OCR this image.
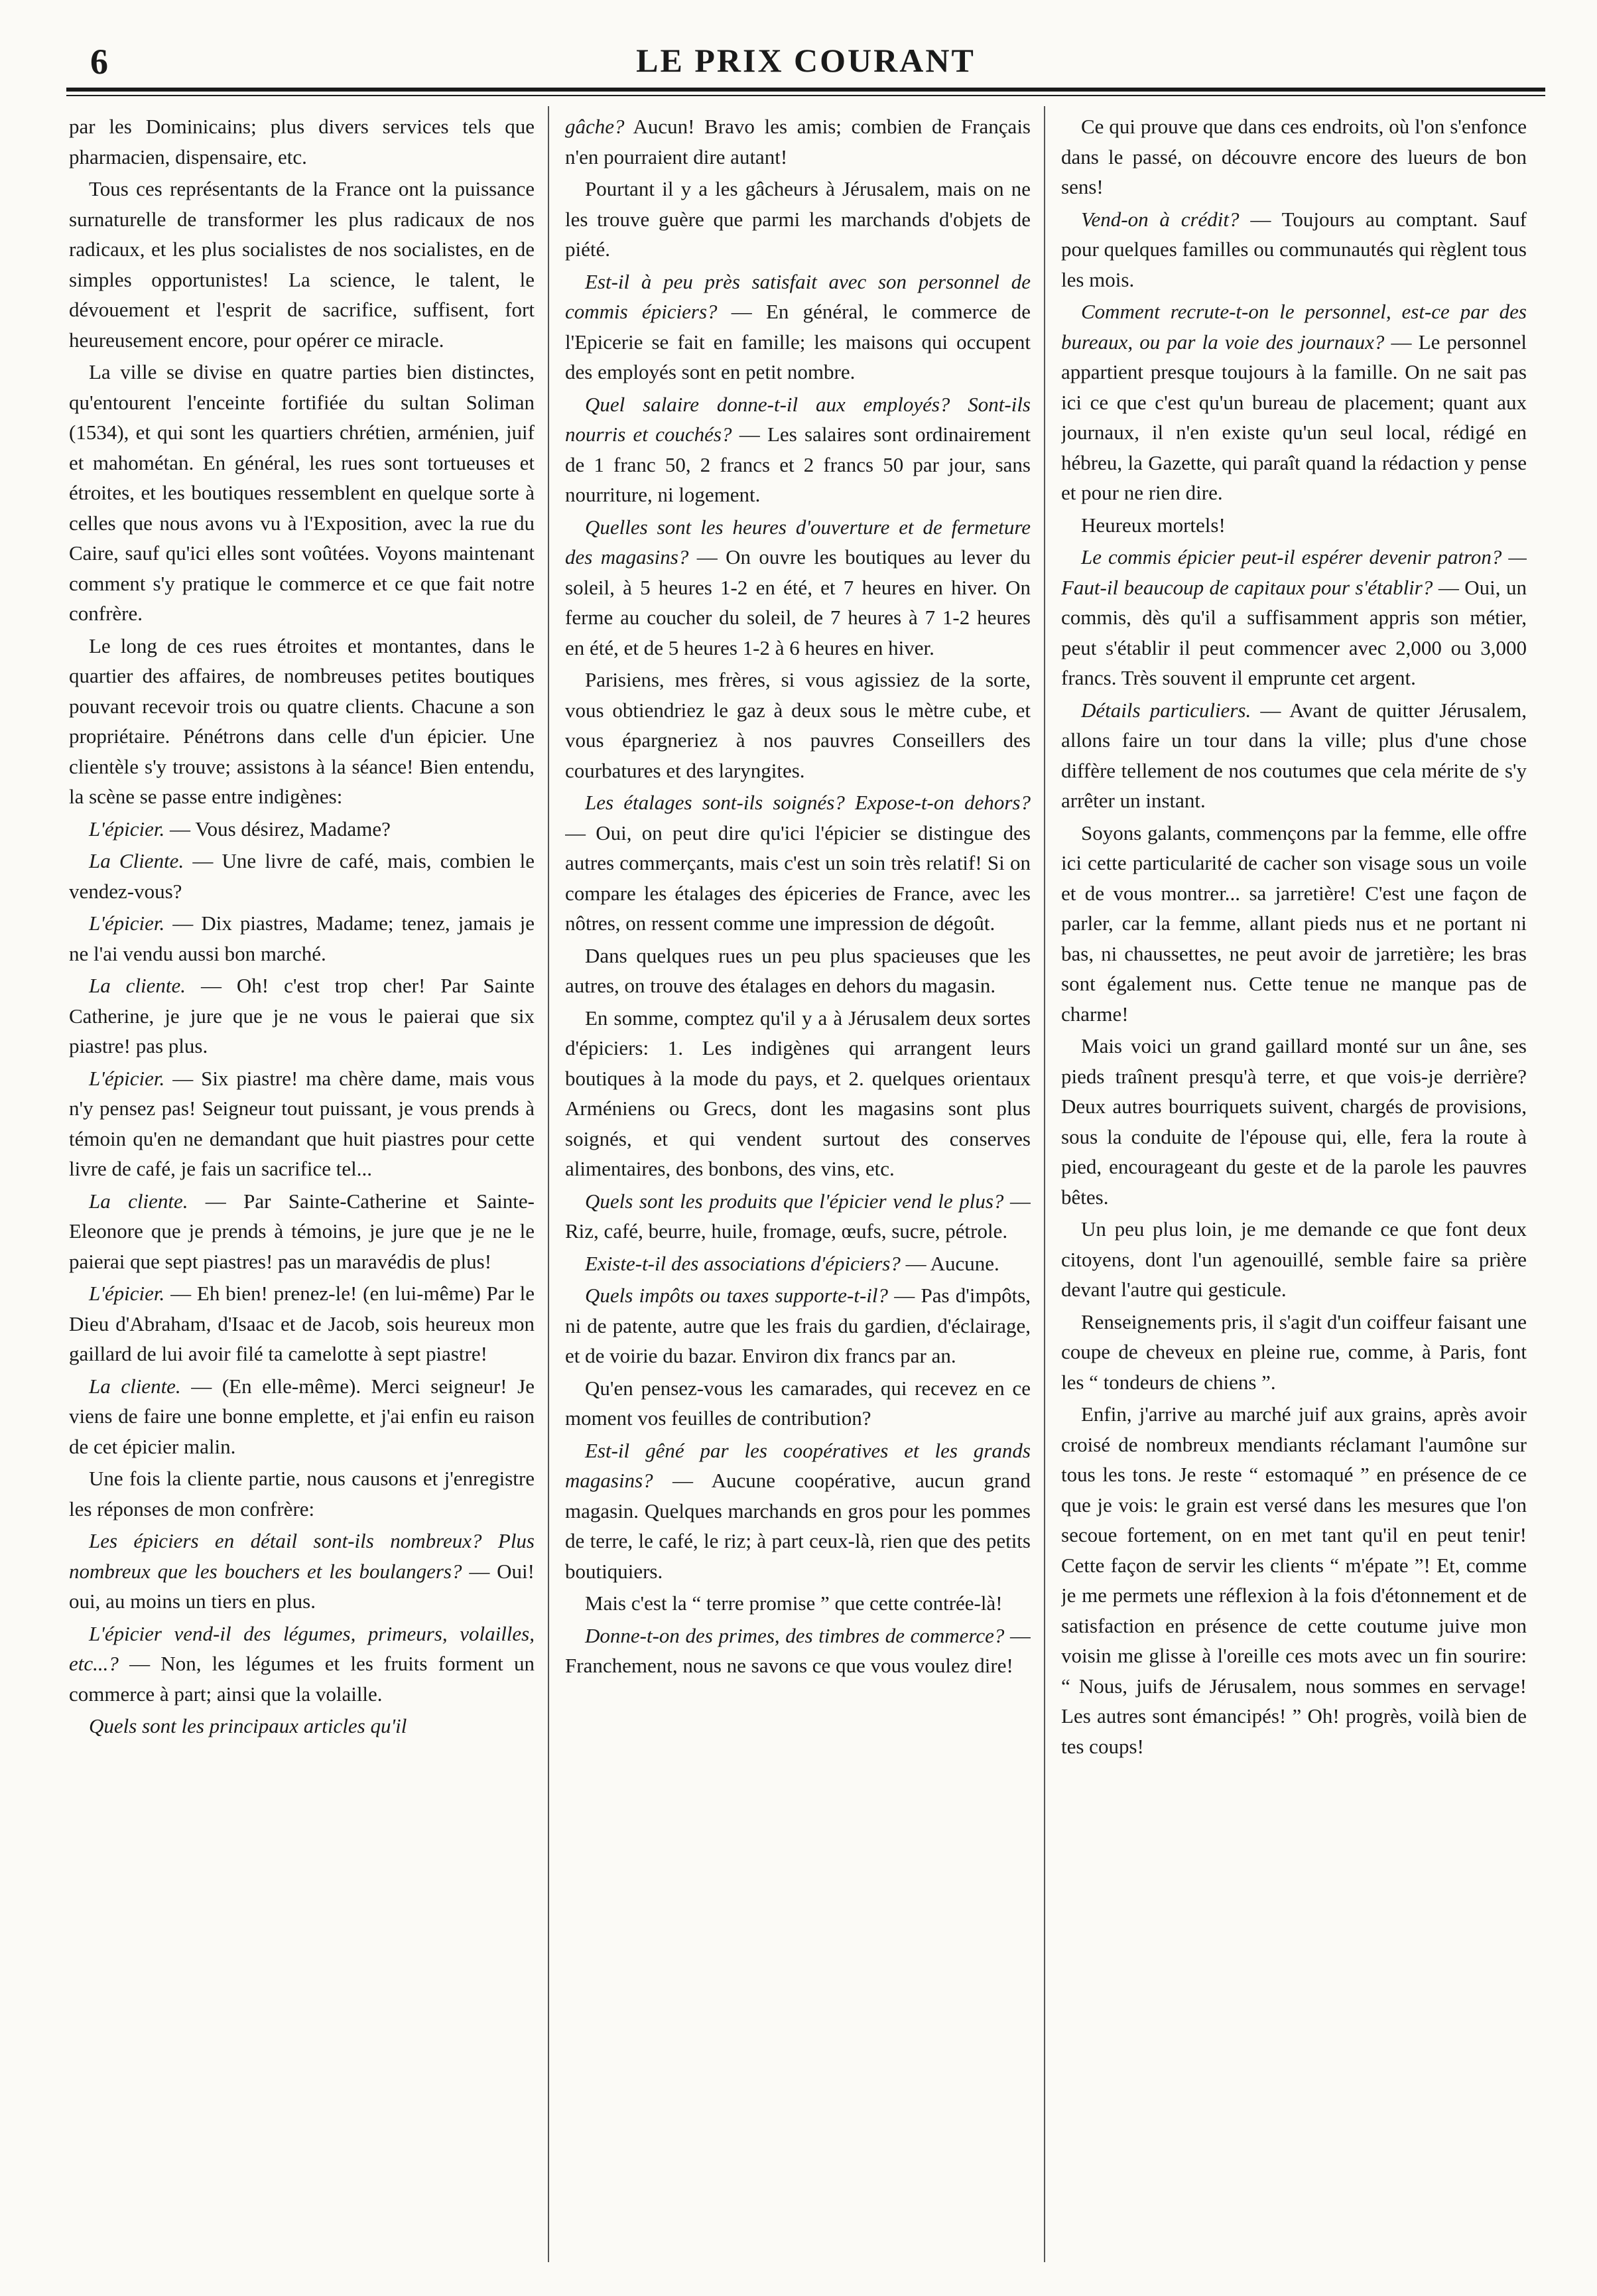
6	LE PRIX COURANT

par les Dominicains; plus divers services tels que pharmacien, dispensaire, etc.

Tous ces représentants de la France ont la puissance surnaturelle de transformer les plus radicaux de nos radicaux, et les plus socialistes de nos socialistes, en de simples opportunistes! La science, le talent, le dévouement et l'esprit de sacrifice, suffisent, fort heureusement encore, pour opérer ce miracle.

La ville se divise en quatre parties bien distinctes, qu'entourent l'enceinte fortifiée du sultan Soliman (1534), et qui sont les quartiers chrétien, arménien, juif et mahométan. En général, les rues sont tortueuses et étroites, et les boutiques ressemblent en quelque sorte à celles que nous avons vu à l'Exposition, avec la rue du Caire, sauf qu'ici elles sont voûtées. Voyons maintenant comment s'y pratique le commerce et ce que fait notre confrère.

Le long de ces rues étroites et montantes, dans le quartier des affaires, de nombreuses petites boutiques pouvant recevoir trois ou quatre clients. Chacune a son propriétaire. Pénétrons dans celle d'un épicier. Une clientèle s'y trouve; assistons à la séance! Bien entendu, la scène se passe entre indigènes:

L'épicier. — Vous désirez, Madame?

La Cliente. — Une livre de café, mais, combien le vendez-vous?

L'épicier. — Dix piastres, Madame; tenez, jamais je ne l'ai vendu aussi bon marché.

La cliente. — Oh! c'est trop cher! Par Sainte Catherine, je jure que je ne vous le paierai que six piastre! pas plus.

L'épicier. — Six piastre! ma chère dame, mais vous n'y pensez pas! Seigneur tout puissant, je vous prends à témoin qu'en ne demandant que huit piastres pour cette livre de café, je fais un sacrifice tel...

La cliente. — Par Sainte-Catherine et Sainte-Eleonore que je prends à témoins, je jure que je ne le paierai que sept piastres! pas un maravédis de plus!

L'épicier. — Eh bien! prenez-le! (en lui-même) Par le Dieu d'Abraham, d'Isaac et de Jacob, sois heureux mon gaillard de lui avoir filé ta camelotte à sept piastre!

La cliente. — (En elle-même). Merci seigneur! Je viens de faire une bonne emplette, et j'ai enfin eu raison de cet épicier malin.

Une fois la cliente partie, nous causons et j'enregistre les réponses de mon confrère:

Les épiciers en détail sont-ils nombreux? Plus nombreux que les bouchers et les boulangers? — Oui! oui, au moins un tiers en plus.

L'épicier vend-il des légumes, primeurs, volailles, etc...? — Non, les légumes et les fruits forment un commerce à part; ainsi que la volaille.

Quels sont les principaux articles qu'il

gâche? Aucun! Bravo les amis; combien de Français n'en pourraient dire autant!

Pourtant il y a les gâcheurs à Jérusalem, mais on ne les trouve guère que parmi les marchands d'objets de piété.

Est-il à peu près satisfait avec son personnel de commis épiciers? — En général, le commerce de l'Epicerie se fait en famille; les maisons qui occupent des employés sont en petit nombre.

Quel salaire donne-t-il aux employés? Sont-ils nourris et couchés? — Les salaires sont ordinairement de 1 franc 50, 2 francs et 2 francs 50 par jour, sans nourriture, ni logement.

Quelles sont les heures d'ouverture et de fermeture des magasins? — On ouvre les boutiques au lever du soleil, à 5 heures 1-2 en été, et 7 heures en hiver. On ferme au coucher du soleil, de 7 heures à 7 1-2 heures en été, et de 5 heures 1-2 à 6 heures en hiver.

Parisiens, mes frères, si vous agissiez de la sorte, vous obtiendriez le gaz à deux sous le mètre cube, et vous épargneriez à nos pauvres Conseillers des courbatures et des laryngites.

Les étalages sont-ils soignés? Expose-t-on dehors? — Oui, on peut dire qu'ici l'épicier se distingue des autres commerçants, mais c'est un soin très relatif! Si on compare les étalages des épiceries de France, avec les nôtres, on ressent comme une impression de dégoût.

Dans quelques rues un peu plus spacieuses que les autres, on trouve des étalages en dehors du magasin.

En somme, comptez qu'il y a à Jérusalem deux sortes d'épiciers: 1. Les indigènes qui arrangent leurs boutiques à la mode du pays, et 2. quelques orientaux Arméniens ou Grecs, dont les magasins sont plus soignés, et qui vendent surtout des conserves alimentaires, des bonbons, des vins, etc.

Quels sont les produits que l'épicier vend le plus? — Riz, café, beurre, huile, fromage, œufs, sucre, pétrole.

Existe-t-il des associations d'épiciers? — Aucune.

Quels impôts ou taxes supporte-t-il? — Pas d'impôts, ni de patente, autre que les frais du gardien, d'éclairage, et de voirie du bazar. Environ dix francs par an.

Qu'en pensez-vous les camarades, qui recevez en ce moment vos feuilles de contribution?

Est-il gêné par les coopératives et les grands magasins? — Aucune coopérative, aucun grand magasin. Quelques marchands en gros pour les pommes de terre, le café, le riz; à part ceux-là, rien que des petits boutiquiers.

Mais c'est la “ terre promise ” que cette contrée-là!

Donne-t-on des primes, des timbres de commerce? — Franchement, nous ne savons ce que vous voulez dire!

Ce qui prouve que dans ces endroits, où l'on s'enfonce dans le passé, on découvre encore des lueurs de bon sens!

Vend-on à crédit? — Toujours au comptant. Sauf pour quelques familles ou communautés qui règlent tous les mois.

Comment recrute-t-on le personnel, est-ce par des bureaux, ou par la voie des journaux? — Le personnel appartient presque toujours à la famille. On ne sait pas ici ce que c'est qu'un bureau de placement; quant aux journaux, il n'en existe qu'un seul local, rédigé en hébreu, la Gazette, qui paraît quand la rédaction y pense et pour ne rien dire.

Heureux mortels!

Le commis épicier peut-il espérer devenir patron? — Faut-il beaucoup de capitaux pour s'établir? — Oui, un commis, dès qu'il a suffisamment appris son métier, peut s'établir il peut commencer avec 2,000 ou 3,000 francs. Très souvent il emprunte cet argent.

Détails particuliers. — Avant de quitter Jérusalem, allons faire un tour dans la ville; plus d'une chose diffère tellement de nos coutumes que cela mérite de s'y arrêter un instant.

Soyons galants, commençons par la femme, elle offre ici cette particularité de cacher son visage sous un voile et de vous montrer... sa jarretière! C'est une façon de parler, car la femme, allant pieds nus et ne portant ni bas, ni chaussettes, ne peut avoir de jarretière; les bras sont également nus. Cette tenue ne manque pas de charme!

Mais voici un grand gaillard monté sur un âne, ses pieds traînent presqu'à terre, et que vois-je derrière? Deux autres bourriquets suivent, chargés de provisions, sous la conduite de l'épouse qui, elle, fera la route à pied, encourageant du geste et de la parole les pauvres bêtes.

Un peu plus loin, je me demande ce que font deux citoyens, dont l'un agenouillé, semble faire sa prière devant l'autre qui gesticule.

Renseignements pris, il s'agit d'un coiffeur faisant une coupe de cheveux en pleine rue, comme, à Paris, font les “ tondeurs de chiens ”.

Enfin, j'arrive au marché juif aux grains, après avoir croisé de nombreux mendiants réclamant l'aumône sur tous les tons. Je reste “ estomaqué ” en présence de ce que je vois: le grain est versé dans les mesures que l'on secoue fortement, on en met tant qu'il en peut tenir! Cette façon de servir les clients “ m'épate ”! Et, comme je me permets une réflexion à la fois d'étonnement et de satisfaction en présence de cette coutume juive mon voisin me glisse à l'oreille ces mots avec un fin sourire: “ Nous, juifs de Jérusalem, nous sommes en servage! Les autres sont émancipés! ” Oh! progrès, voilà bien de tes coups!
